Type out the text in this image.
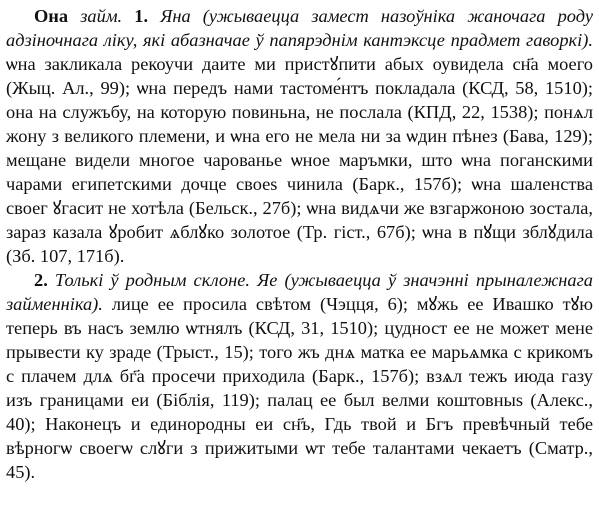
Она займ. 1. Яна (ужываецца замест назоўніка жаночага роду адзіночнага ліку, які абазначае ў папярэднім кантэксце прадмет гаворкі). ѡна закликала рекоучи даите ми пристꙋпити абых оувидела сн҃а моего (Жыц. Ал., 99); ѡна передъ нами тастоме́нтъ покладала (КСД, 58, 1510); она на служъбу, на которую повиньна, не послала (КПД, 22, 1538); понѧл жону з великого племени, и ѡна его не мела ни за ѡдин пѣнез (Бава, 129); мещане видели многое чарованье ѡное маръмки, што ѡна поганскими чарами египетскими дочце своеѕ чинила (Барк., 157б); ѡна шаленства своег ꙋгасит не хотѣла (Бельск., 27б); ѡна видѧчи же взгаржоною зостала, зараз казала ꙋробит ѧблꙋко золотое (Тр. гіст., 67б); ѡна в пꙋщи зблꙋдила (Зб. 107, 171б).

2. Толькі ў родным склоне. Яе (ужываецца ў значэнні прыналежнага займенніка). лице ее просила свѣтом (Чэцця, 6); мꙋжь ее Ивашко тꙋю теперь въ насъ землю ѡтнялъ (КСД, 31, 1510); цудност ее не может мене прывести ку зраде (Трыст., 15); того жъ днѧ матка ее марьѧмка с крикомъ с плачем длѧ бг҃а просечи приходила (Барк., 157б); взѧл тежъ июда газу изъ границами еи (Біблія, 119); палац ее был велми коштовныѕ (Алекс., 40); Наконецъ и единородны еи сн҃ъ, Гдь твой и Бгъ превѣчный тебе вѣрногѡ своегѡ слꙋги з прижитыми ѡт тебе талантами чекаетъ (Сматр., 45).
